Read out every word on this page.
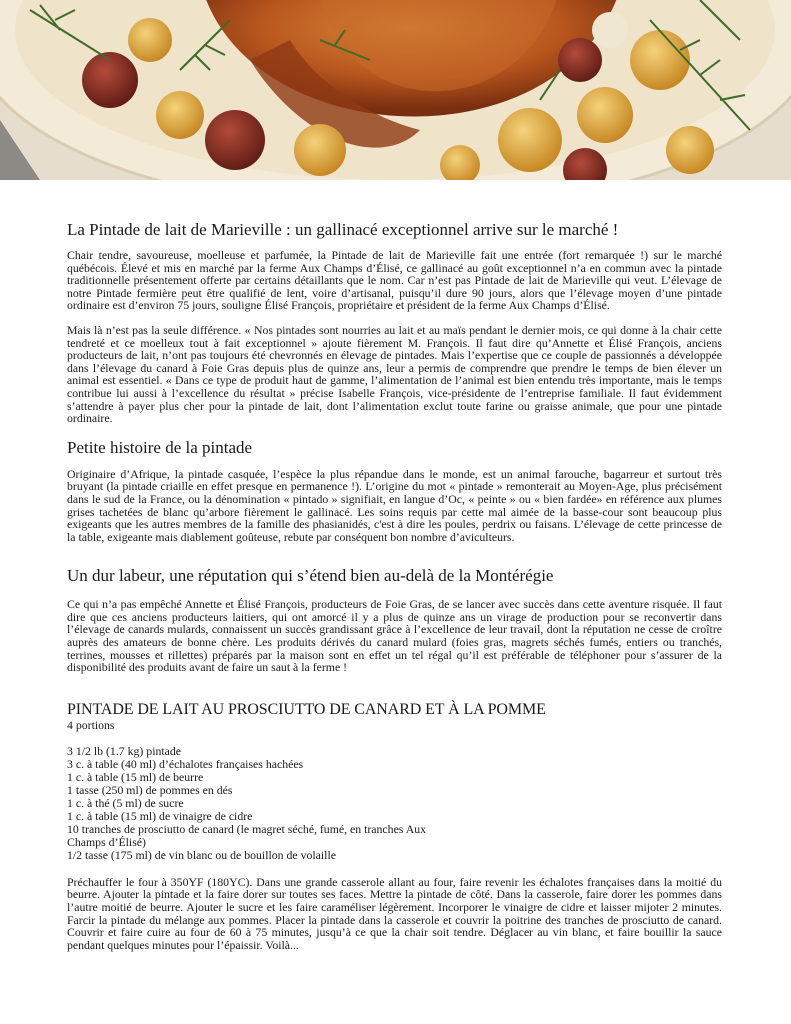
La Pintade de lait de Marieville : un gallinacé exceptionnel arrive sur le marché !

Chair tendre, savoureuse, moelleuse et parfumée, la Pintade de lait de Marieville fait une entrée (fort remarquée !) sur le marché québécois. Élevé et mis en marché par la ferme Aux Champs d’Élisé, ce gallinacé au goût exceptionnel n’a en commun avec la pintade traditionnelle présentement offerte par certains détaillants que le nom. Car n’est pas Pintade de lait de Marieville qui veut. L’élevage de notre Pintade fermière peut être qualifié de lent, voire d’artisanal, puisqu’il dure 90 jours, alors que l’élevage moyen d’une pintade ordinaire est d’environ 75 jours, souligne Élisé François, propriétaire et président de la ferme Aux Champs d’Élisé.

Mais là n’est pas la seule différence. « Nos pintades sont nourries au lait et au maïs pendant le dernier mois, ce qui donne à la chair cette tendreté et ce moelleux tout à fait exceptionnel » ajoute fièrement M. François. Il faut dire qu’Annette et Élisé François, anciens producteurs de lait, n’ont pas toujours été chevronnés en élevage de pintades. Mais l’expertise que ce couple de passionnés a développée dans l’élevage du canard à Foie Gras depuis plus de quinze ans, leur a permis de comprendre que prendre le temps de bien élever un animal est essentiel. « Dans ce type de produit haut de gamme, l’alimentation de l’animal est bien entendu très importante, mais le temps contribue lui aussi à l’excellence du résultat » précise Isabelle François, vice-présidente de l’entreprise familiale. Il faut évidemment s’attendre à payer plus cher pour la pintade de lait, dont l’alimentation exclut toute farine ou graisse animale, que pour une pintade ordinaire.

Petite histoire de la pintade

Originaire d’Afrique, la pintade casquée, l’espèce la plus répandue dans le monde, est un animal farouche, bagarreur et surtout très bruyant (la pintade criaille en effet presque en permanence !). L’origine du mot « pintade » remonterait au Moyen-Age, plus précisément dans le sud de la France, ou la dénomination « pintado » signifiait, en langue d’Oc, « peinte » ou « bien fardée» en référence aux plumes grises tachetées de blanc qu’arbore fièrement le gallinacé. Les soins requis par cette mal aimée de la basse-cour sont beaucoup plus exigeants que les autres membres de la famille des phasianidés, c'est à dire les poules, perdrix ou faisans. L’élevage de cette princesse de la table, exigeante mais diablement goûteuse, rebute par conséquent bon nombre d’aviculteurs.

Un dur labeur, une réputation qui s’étend bien au-delà de la Montérégie

Ce qui n’a pas empêché Annette et Élisé François, producteurs de Foie Gras, de se lancer avec succès dans cette aventure risquée. Il faut dire que ces anciens producteurs laitiers, qui ont amorcé il y a plus de quinze ans un virage de production pour se reconvertir dans l’élevage de canards mulards, connaissent un succès grandissant grâce à l’excellence de leur travail, dont la réputation ne cesse de croître auprès des amateurs de bonne chère. Les produits dérivés du canard mulard (foies gras, magrets séchés fumés, entiers ou tranchés, terrines, mousses et rillettes) préparés par la maison sont en effet un tel régal qu’il est préférable de téléphoner pour s’assurer de la disponibilité des produits avant de faire un saut à la ferme !

PINTADE DE LAIT AU PROSCIUTTO DE CANARD ET À LA POMME
4 portions
3 1/2 lb (1.7 kg) pintade
3 c. à table (40 ml) d’échalotes françaises hachées
1 c. à table (15 ml) de beurre
1 tasse (250 ml) de pommes en dés
1 c. à thé (5 ml) de sucre
1 c. à table (15 ml) de vinaigre de cidre
10 tranches de prosciutto de canard (le magret séché, fumé, en tranches Aux Champs d’Élisé)
1/2 tasse (175 ml) de vin blanc ou de bouillon de volaille

Préchauffer le four à 350ΥF (180ΥC). Dans une grande casserole allant au four, faire revenir les échalotes françaises dans la moitié du beurre. Ajouter la pintade et la faire dorer sur toutes ses faces. Mettre la pintade de côté. Dans la casserole, faire dorer les pommes dans l’autre moitié de beurre. Ajouter le sucre et les faire caraméliser légèrement. Incorporer le vinaigre de cidre et laisser mijoter 2 minutes. Farcir la pintade du mélange aux pommes. Placer la pintade dans la casserole et couvrir la poitrine des tranches de prosciutto de canard. Couvrir et faire cuire au four de 60 à 75 minutes, jusqu’à ce que la chair soit tendre. Déglacer au vin blanc, et faire bouillir la sauce pendant quelques minutes pour l’épaissir. Voilà...
